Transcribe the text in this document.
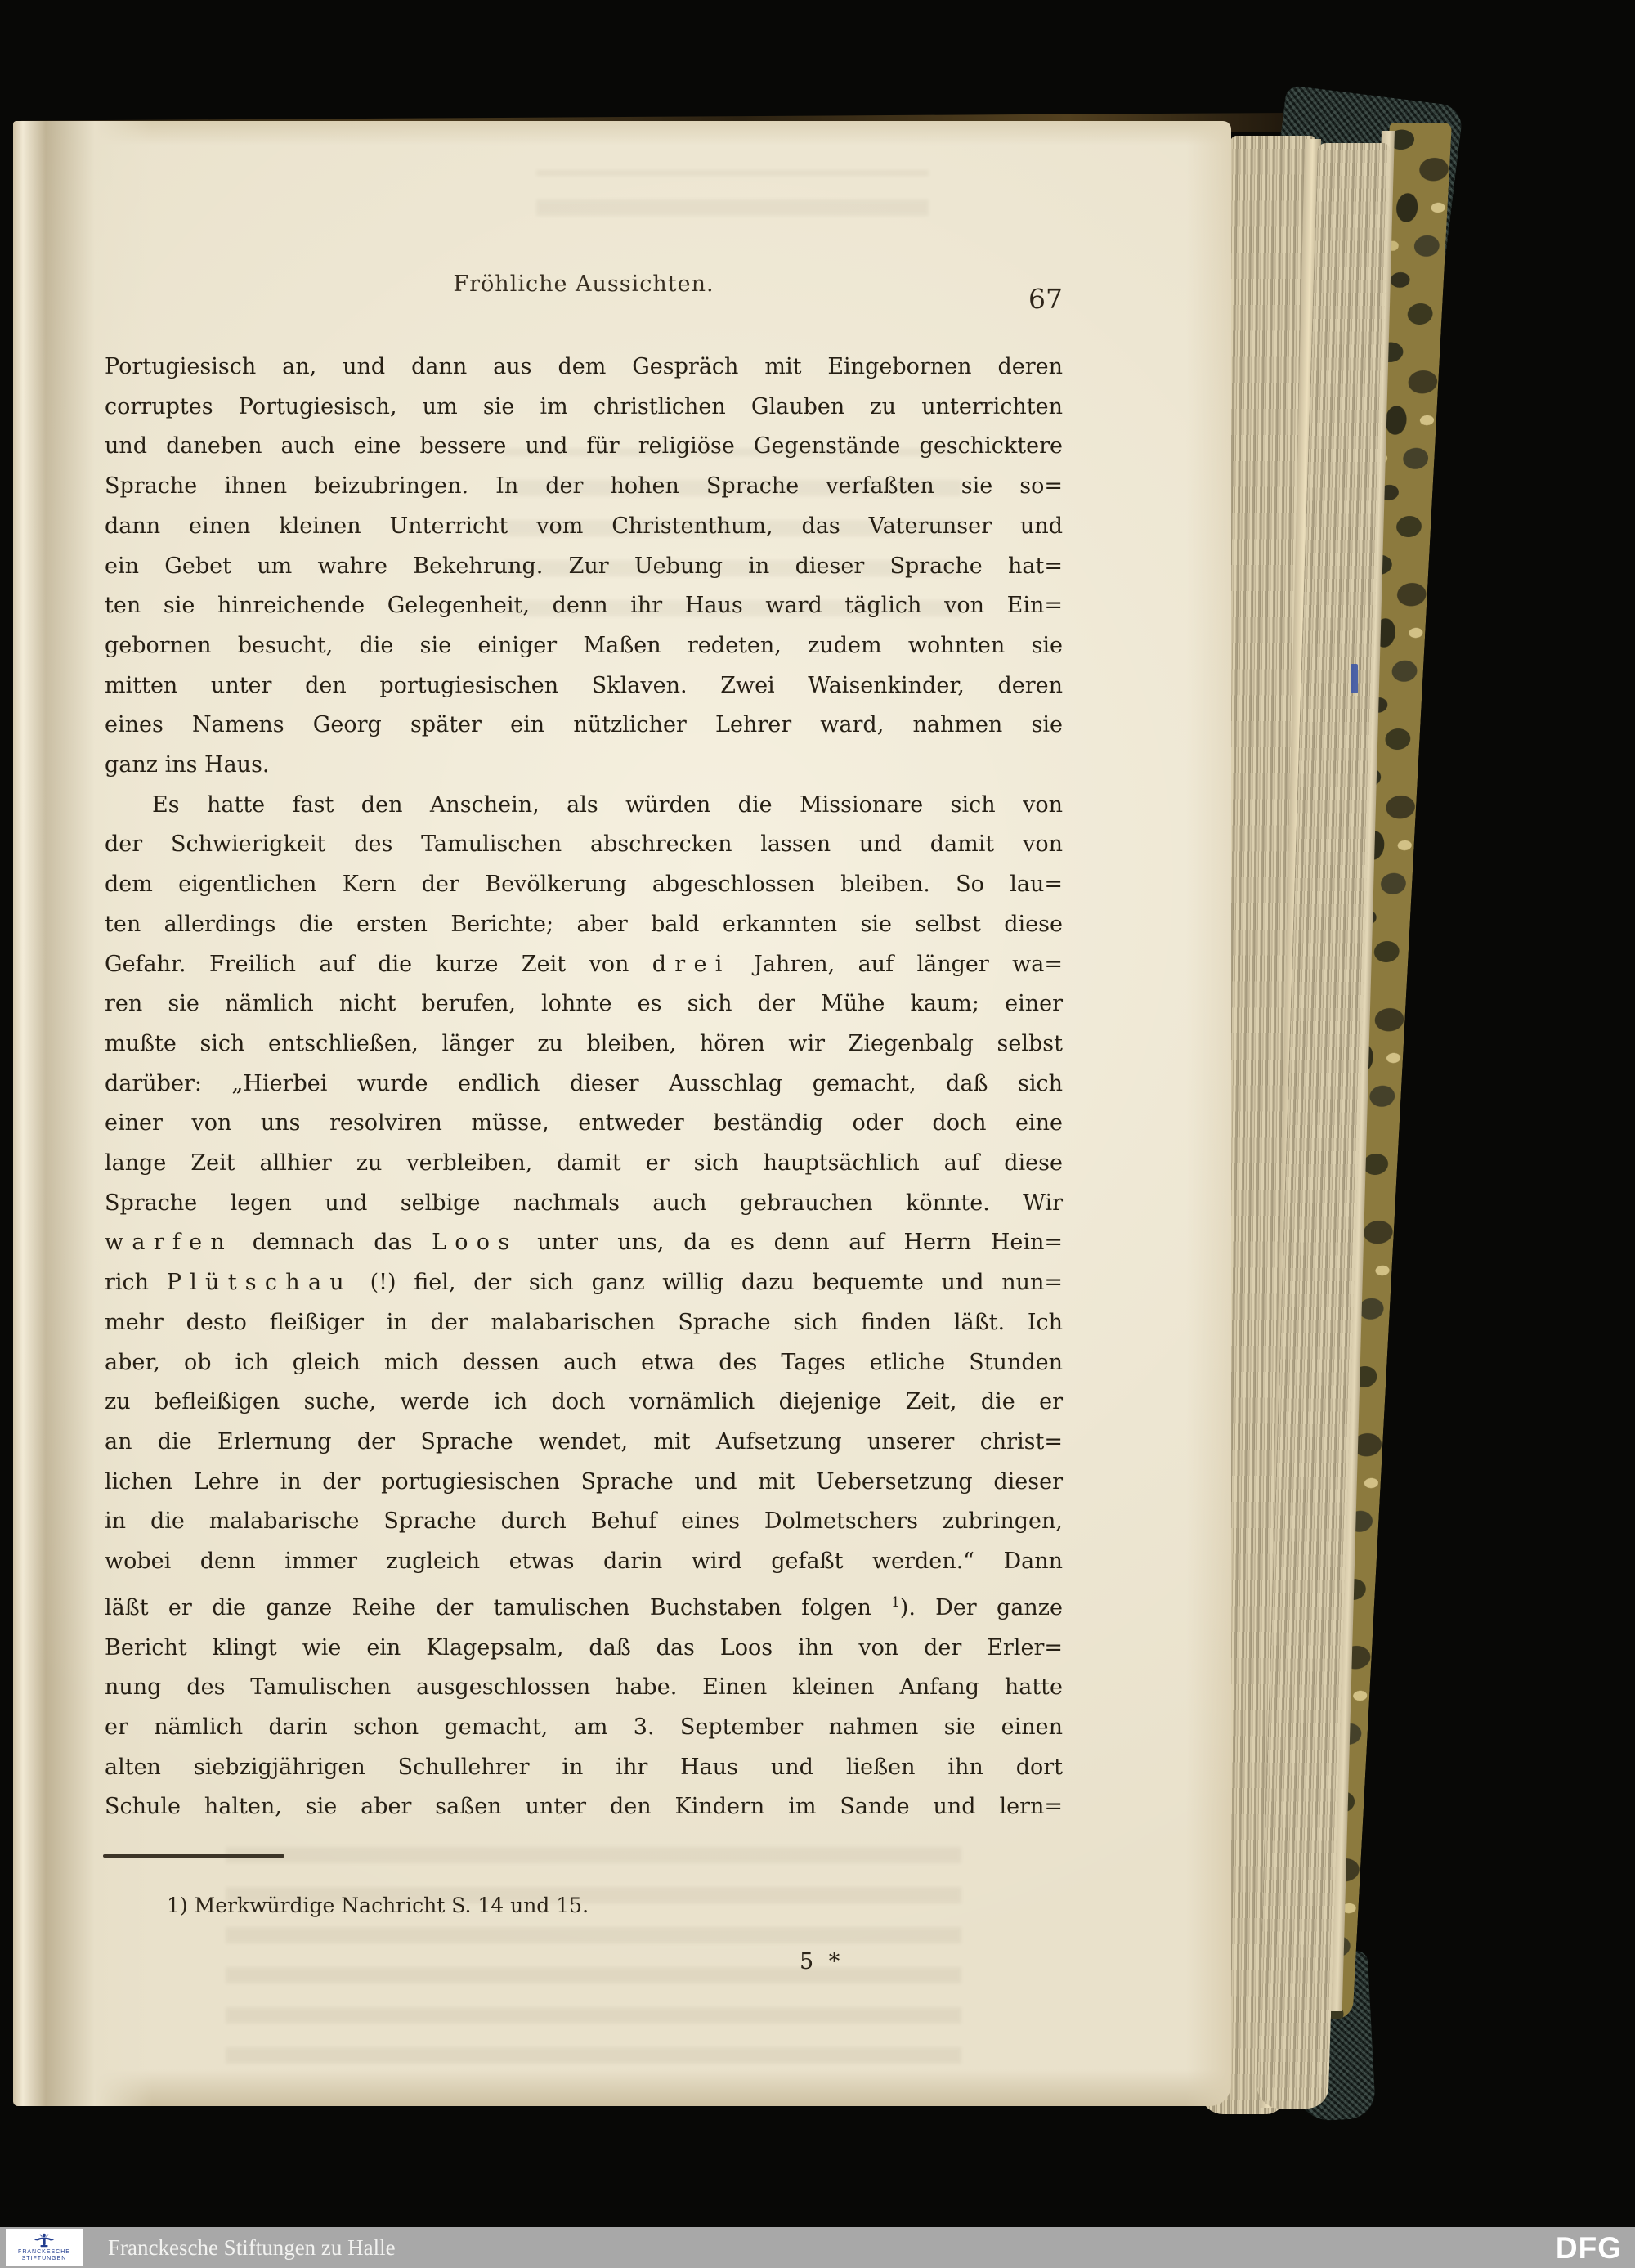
Fröhliche Aussichten.	67
Portugiesisch an, und dann aus dem Gespräch mit Eingebornen deren
corruptes Portugiesisch, um sie im christlichen Glauben zu unterrichten
und daneben auch eine bessere und für religiöse Gegenstände geschicktere
Sprache ihnen beizubringen. In der hohen Sprache verfaßten sie so=
dann einen kleinen Unterricht vom Christenthum, das Vaterunser und
ein Gebet um wahre Bekehrung. Zur Uebung in dieser Sprache hat=
ten sie hinreichende Gelegenheit, denn ihr Haus ward täglich von Ein=
gebornen besucht, die sie einiger Maßen redeten, zudem wohnten sie
mitten unter den portugiesischen Sklaven. Zwei Waisenkinder, deren
eines Namens Georg später ein nützlicher Lehrer ward, nahmen sie
ganz ins Haus.
Es hatte fast den Anschein, als würden die Missionare sich von
der Schwierigkeit des Tamulischen abschrecken lassen und damit von
dem eigentlichen Kern der Bevölkerung abgeschlossen bleiben. So lau=
ten allerdings die ersten Berichte; aber bald erkannten sie selbst diese
Gefahr. Freilich auf die kurze Zeit von drei Jahren, auf länger wa=
ren sie nämlich nicht berufen, lohnte es sich der Mühe kaum; einer
mußte sich entschließen, länger zu bleiben, hören wir Ziegenbalg selbst
darüber: „Hierbei wurde endlich dieser Ausschlag gemacht, daß sich
einer von uns resolviren müsse, entweder beständig oder doch eine
lange Zeit allhier zu verbleiben, damit er sich hauptsächlich auf diese
Sprache legen und selbige nachmals auch gebrauchen könnte. Wir
warfen demnach das Loos unter uns, da es denn auf Herrn Hein=
rich Plütschau (!) fiel, der sich ganz willig dazu bequemte und nun=
mehr desto fleißiger in der malabarischen Sprache sich finden läßt. Ich
aber, ob ich gleich mich dessen auch etwa des Tages etliche Stunden
zu befleißigen suche, werde ich doch vornämlich diejenige Zeit, die er
an die Erlernung der Sprache wendet, mit Aufsetzung unserer christ=
lichen Lehre in der portugiesischen Sprache und mit Uebersetzung dieser
in die malabarische Sprache durch Behuf eines Dolmetschers zubringen,
wobei denn immer zugleich etwas darin wird gefaßt werden.“ Dann
läßt er die ganze Reihe der tamulischen Buchstaben folgen $^1$). Der ganze
Bericht klingt wie ein Klagepsalm, daß das Loos ihn von der Erler=
nung des Tamulischen ausgeschlossen habe. Einen kleinen Anfang hatte
er nämlich darin schon gemacht, am 3. September nahmen sie einen
alten siebzigjährigen Schullehrer in ihr Haus und ließen ihn dort
Schule halten, sie aber saßen unter den Kindern im Sande und lern=
1) Merkwürdige Nachricht S. 14 und 15.
5 *
FRANCKESCHE
STIFTUNGEN Franckesche Stiftungen zu Halle	DFG
